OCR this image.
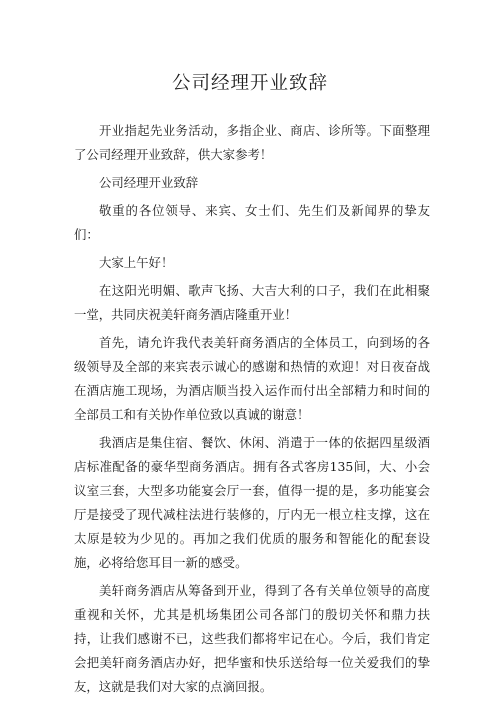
公司经理开业致辞

开业指起先业务活动，多指企业、商店、诊所等。下面整理了公司经理开业致辞，供大家参考！

公司经理开业致辞

敬重的各位领导、来宾、女士们、先生们及新闻界的挚友们：

大家上午好！

在这阳光明媚、歌声飞扬、大吉大利的口子，我们在此相聚一堂，共同庆祝美轩商务酒店隆重开业！

首先，请允许我代表美轩商务酒店的全体员工，向到场的各级领导及全部的来宾表示诚心的感谢和热情的欢迎！对日夜奋战在酒店施工现场，为酒店顺当投入运作而付出全部精力和时间的全部员工和有关协作单位致以真诚的谢意！

我酒店是集住宿、餐饮、休闲、消遣于一体的依据四星级酒店标准配备的豪华型商务酒店。拥有各式客房135间，大、小会议室三套，大型多功能宴会厅一套，值得一提的是，多功能宴会厅是接受了现代减柱法进行装修的，厅内无一根立柱支撑，这在太原是较为少见的。再加之我们优质的服务和智能化的配套设施，必将给您耳目一新的感受。

美轩商务酒店从筹备到开业，得到了各有关单位领导的高度重视和关怀，尤其是机场集团公司各部门的殷切关怀和鼎力扶持，让我们感谢不已，这些我们都将牢记在心。今后，我们肯定会把美轩商务酒店办好，把华蜜和快乐送给每一位关爱我们的挚友，这就是我们对大家的点滴回报。
